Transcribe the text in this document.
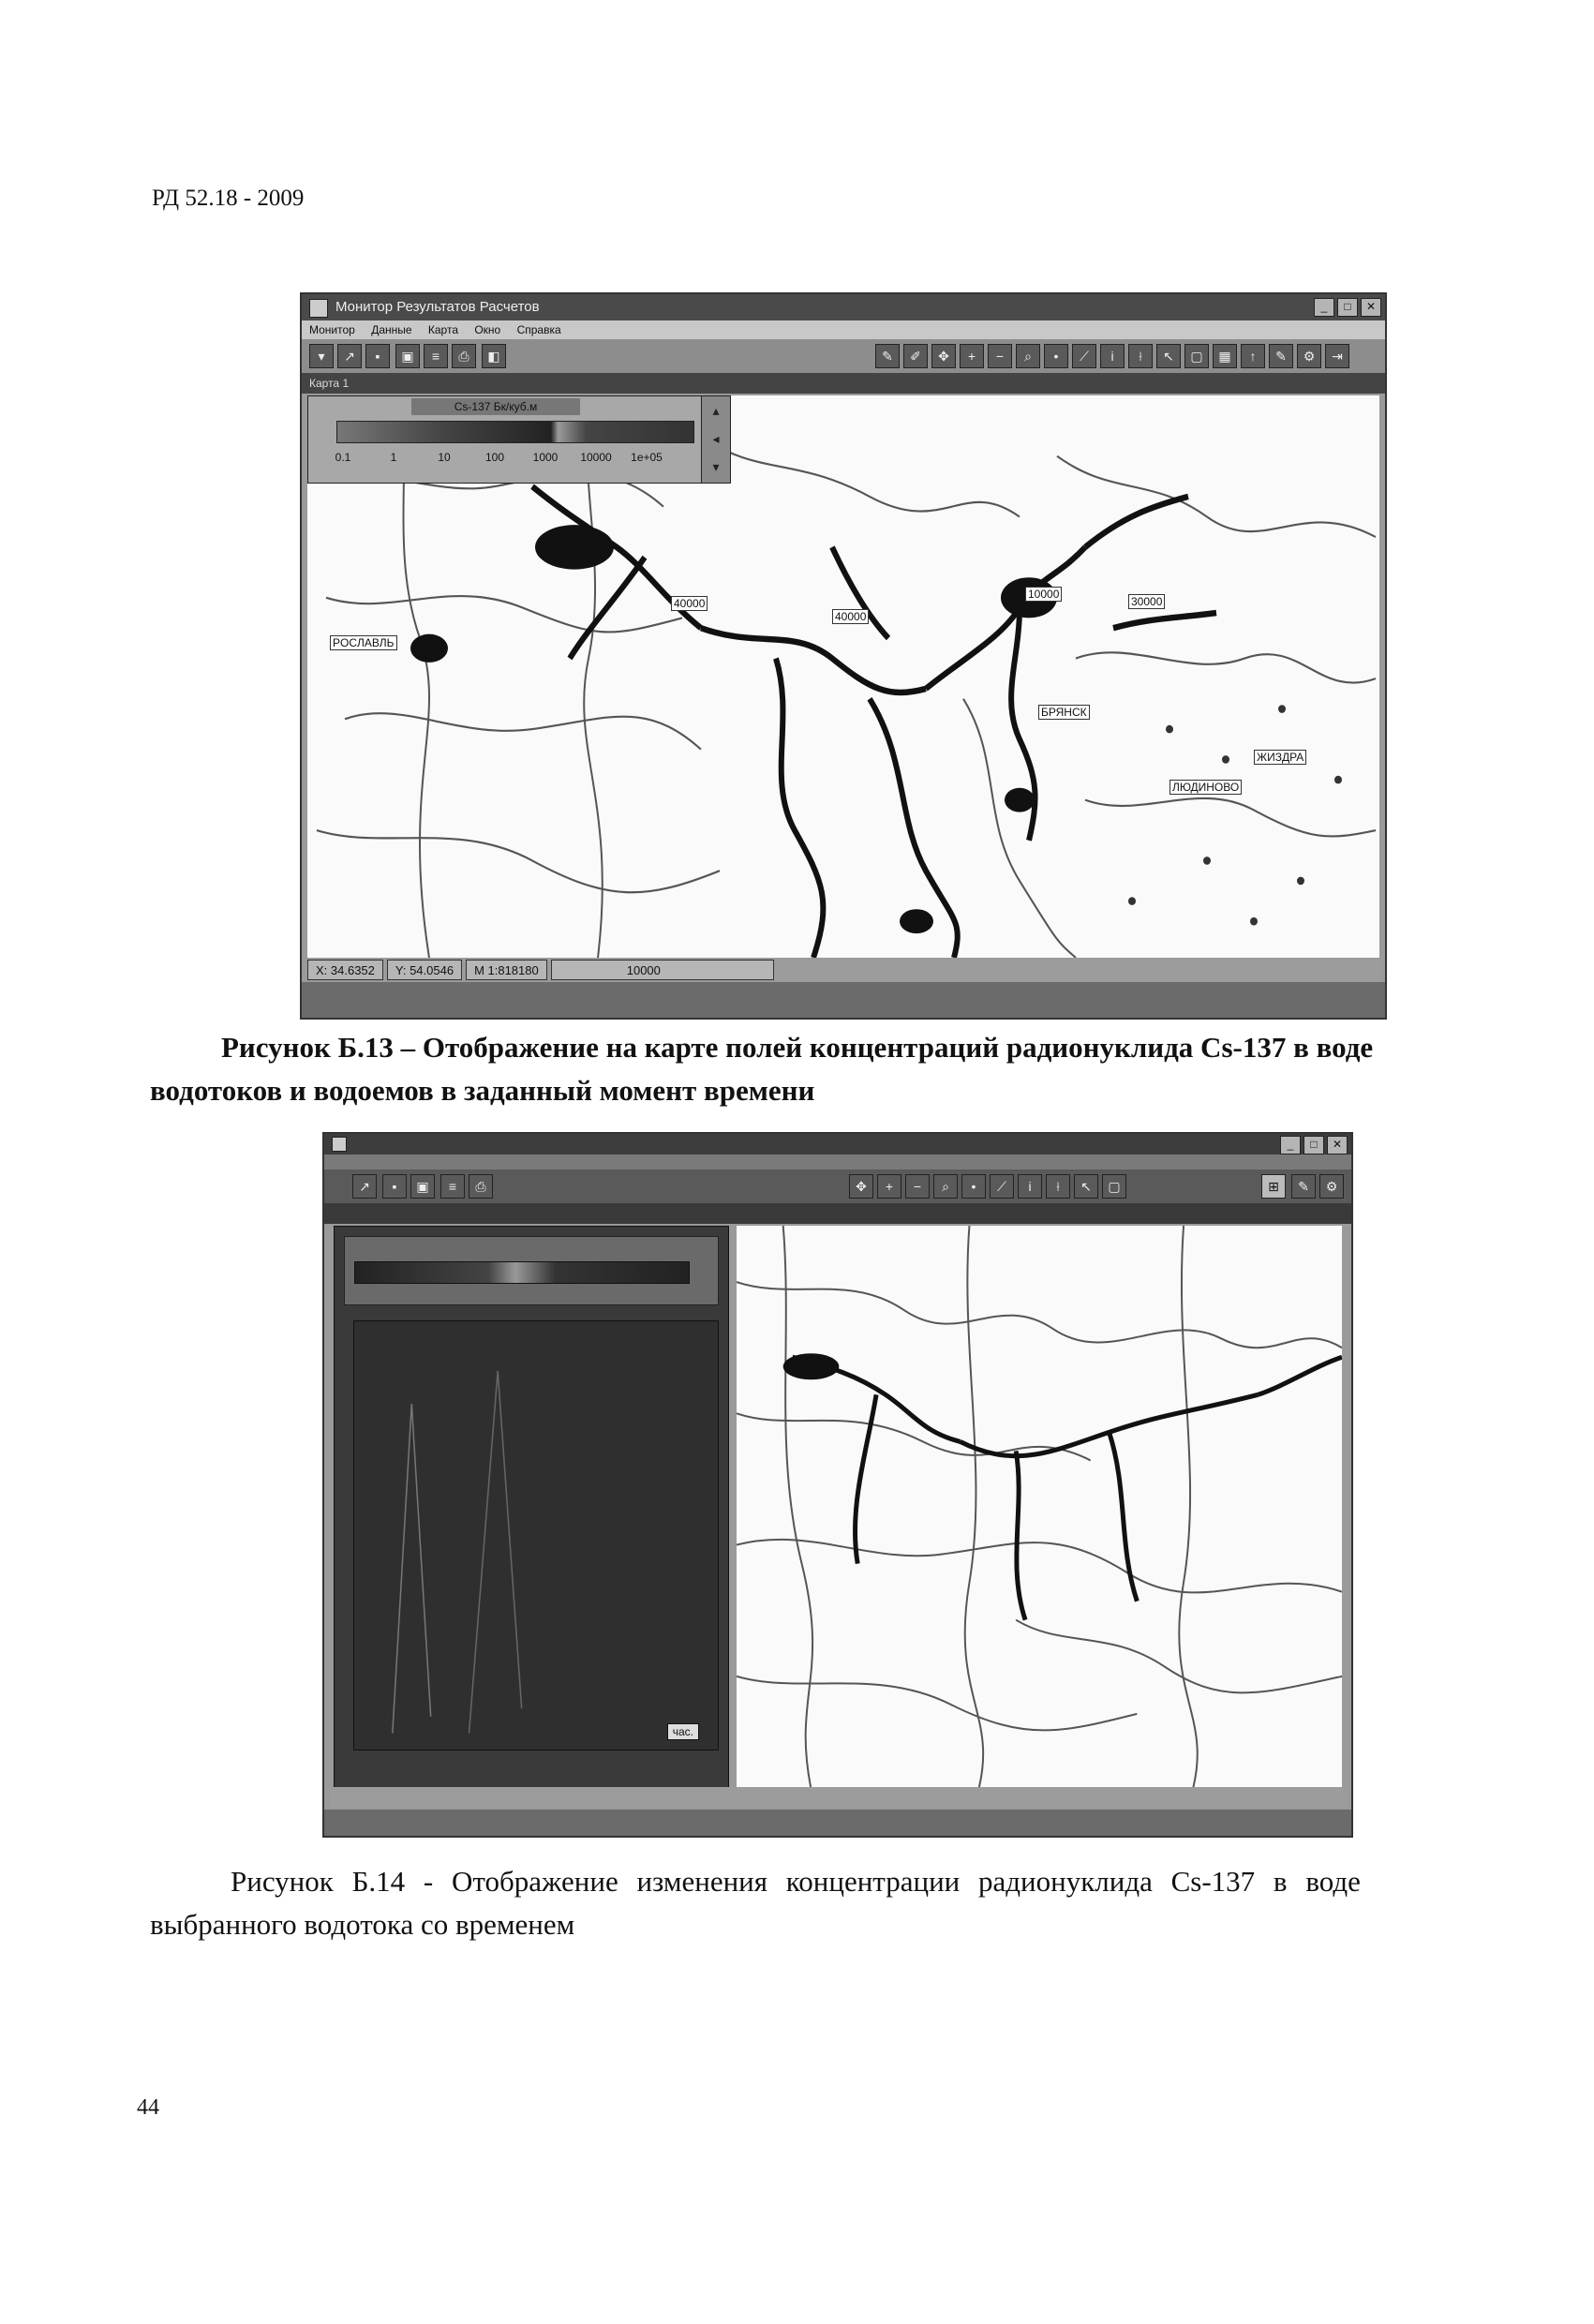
РД 52.18 - 2009
Монитор Результатов Расчетов	_	□	✕
Монитор Данные Карта Окно Справка
▾	↗	▪	▣	≡	⎙	◧	✎	✐	✥	+	−	⌕	•	⟋	i	⟊	↖	▢	▦	↑	✎	⚙	⇥
Карта 1
40000
40000
10000
30000
POCЛАВЛЬ
БРЯНСК
ЖИЗДРА
ЛЮДИНОВО
Cs-137 Бк/куб.м
0.1	1	10	100	1000	10000	1e+05
▴
◂
▾
X: 34.6352	Y: 54.0546	M 1:818180	10000
Рисунок Б.13 – Отображение на карте полей концентраций радионуклида Cs-137 в воде
водотоков и водоемов в заданный момент времени
_	□	✕
↗	▪	▣	≡	⎙	✥	+	−	⌕	•	⟋	i	⟊	↖	▢	⊞	✎	⚙
час.
Рисунок Б.14 - Отображение изменения концентрации радионуклида Cs-137 в воде
выбранного водотока со временем
44
